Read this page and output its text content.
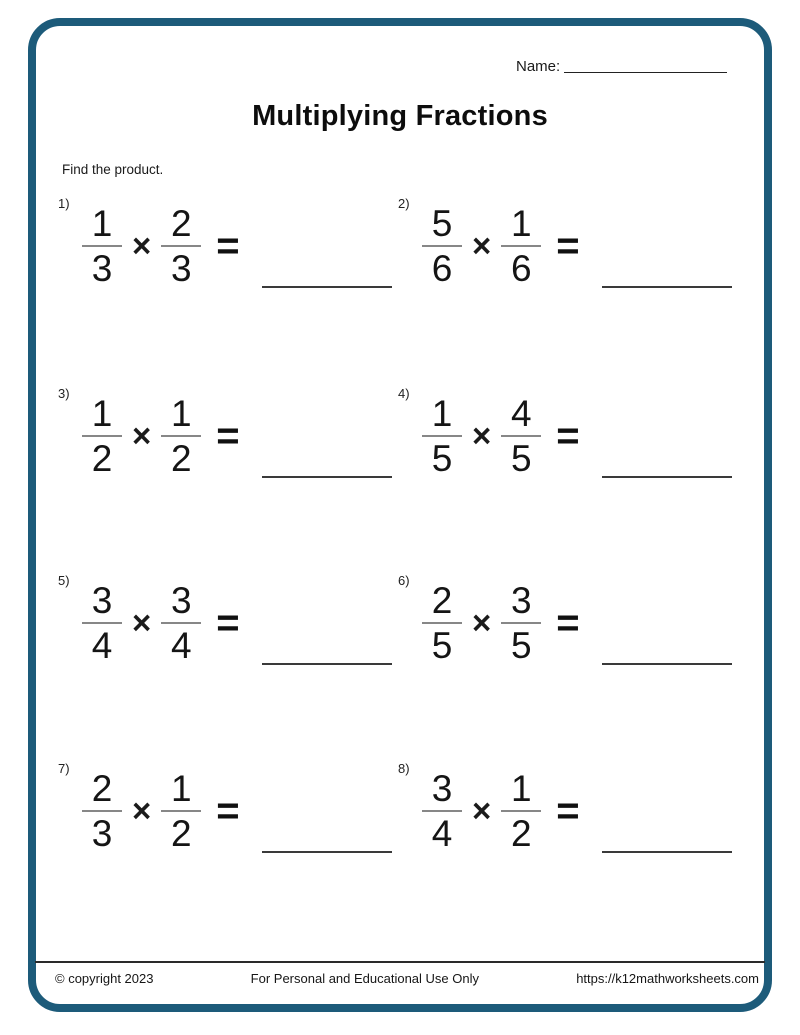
Name:
Multiplying Fractions
Find the product.
1)
$\frac{1}{3} \times \frac{2}{3}$ =
2)
$\frac{5}{6} \times \frac{1}{6}$ =
3)
$\frac{1}{2} \times \frac{1}{2}$ =
4)
$\frac{1}{5} \times \frac{4}{5}$ =
5)
$\frac{3}{4} \times \frac{3}{4}$ =
6)
$\frac{2}{5} \times \frac{3}{5}$ =
7)
$\frac{2}{3} \times \frac{1}{2}$ =
8)
$\frac{3}{4} \times \frac{1}{2}$ =
© copyright 2023	For Personal and Educational Use Only	https://k12mathworksheets.com
